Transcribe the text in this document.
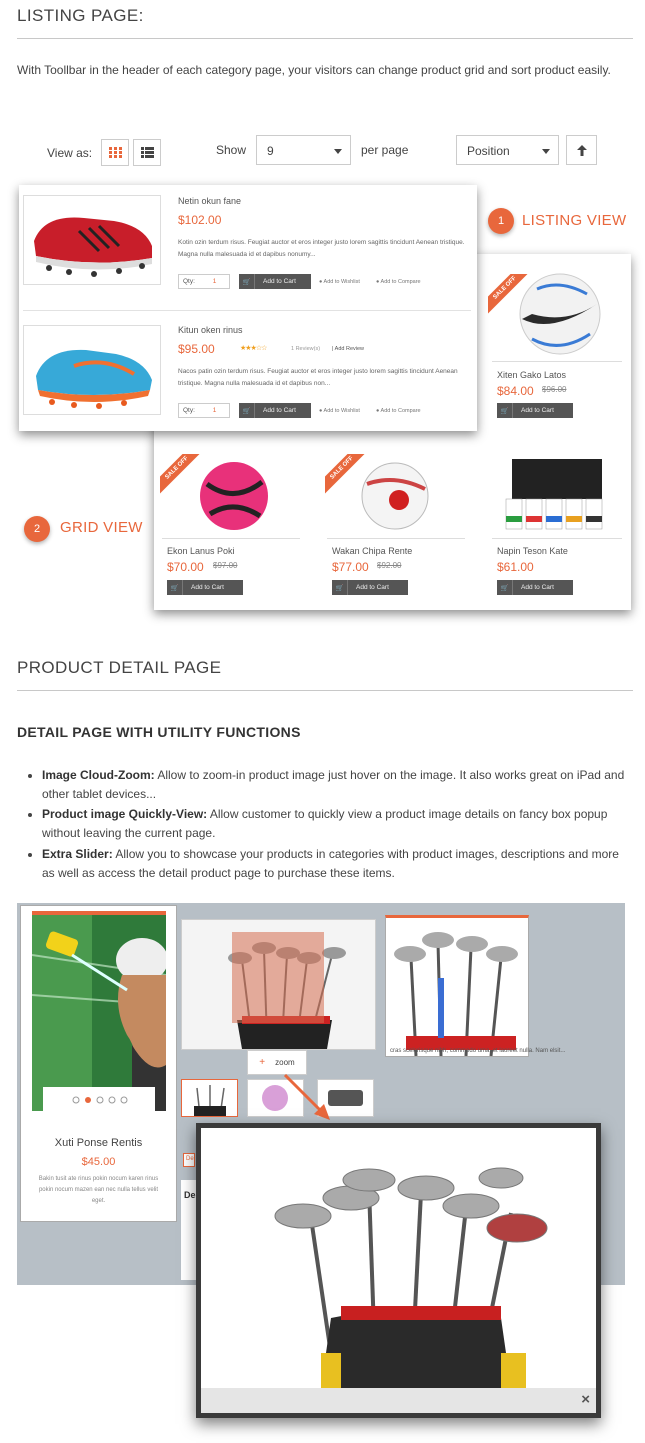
LISTING PAGE:
With Toollbar in the header of each category page, your visitors can change product grid and sort product easily.
View as:	Show	9	per page	Position
SALE OFF
Xiten Gako Latos
$84.00 $96.00
🛒	Add to Cart
SALE OFF
Ekon Lanus Poki
$70.00 $97.00
🛒	Add to Cart
SALE OFF
Wakan Chipa Rente
$77.00 $92.00
🛒	Add to Cart
Napin Teson Kate
$61.00
🛒	Add to Cart
Netin okun fane
$102.00
Kotin ozin terdum risus. Feugiat auctor et eros integer justo lorem sagittis tincidunt Aenean tristique. Magna nulla malesuada id et dapibus nonumy...
Qty:	1	🛒	Add to Cart	● Add to Wishlist	● Add to Compare
Kitun oken rinus
$95.00	★★★☆☆	1 Review(s) | Add Review
Nacos patin ozin terdum risus. Feugiat auctor et eros integer justo lorem sagittis tincidunt Aenean tristique. Magna nulla malesuada id et dapibus non...
Qty:	1	🛒	Add to Cart	● Add to Wishlist	● Add to Compare
1	LISTING VIEW
2	GRID VIEW
PRODUCT DETAIL PAGE
DETAIL PAGE WITH UTILITY FUNCTIONS
Image Cloud-Zoom: Allow to zoom-in product image just hover on the image. It also works great on iPad and other tablet devices...
Product image Quickly-View: Allow customer to quickly view a product image details on fancy box popup without leaving the current page.
Extra Slider: Allow you to showcase your products in categories with product images, descriptions and more as well as access the detail product page to purchase these items.
Xuti Ponse Rentis
$45.00
Bakin tusit ate rinus pokin nocum karen rinus pokin nocum mazen ean nec nulla tellus velit eget.
+ zoom
cras scelerisque nibh, commodo uma, et laoreet nulla. Nam elsit...
De
De
×
